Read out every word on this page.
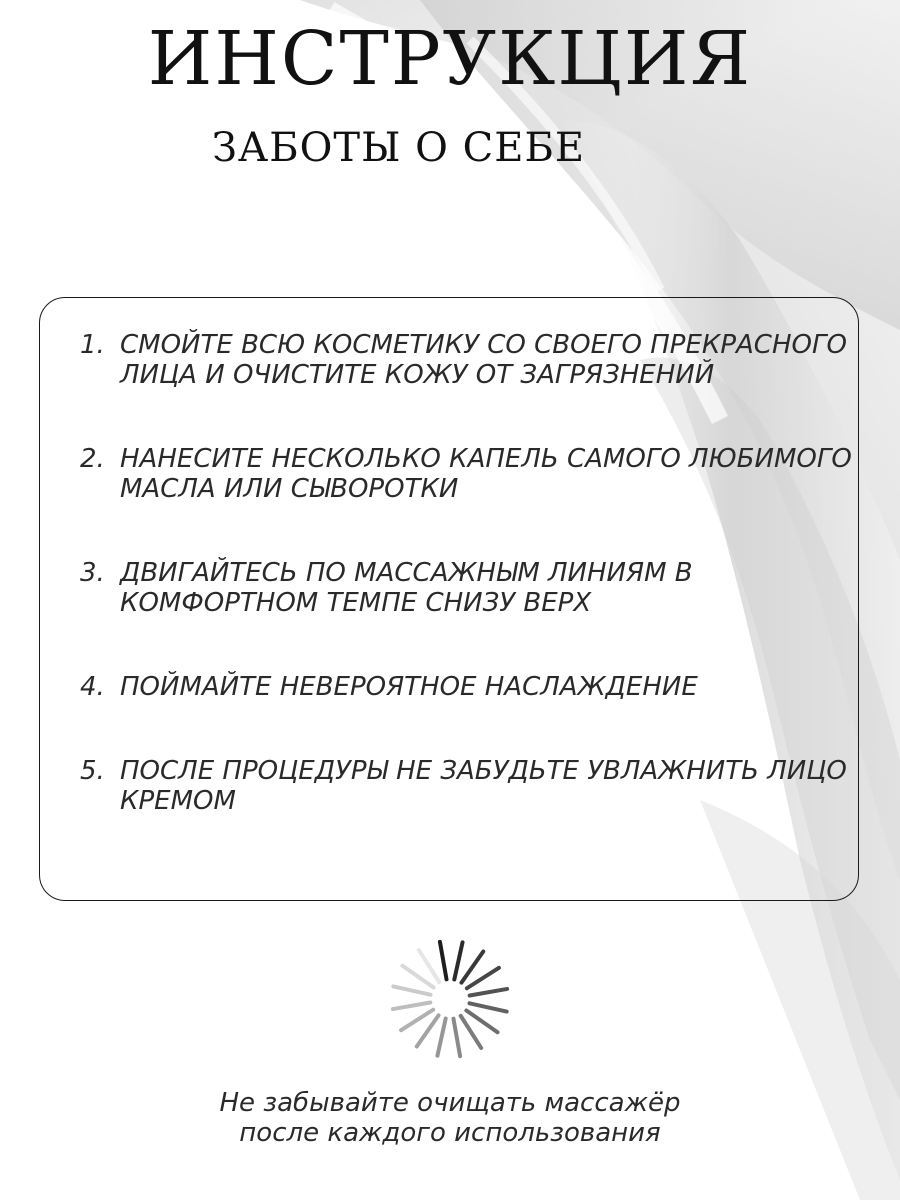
ИНСТРУКЦИЯ
ЗАБОТЫ О СЕБЕ
1. СМОЙТЕ ВСЮ КОСМЕТИКУ СО СВОЕГО ПРЕКРАСНОГО ЛИЦА И ОЧИСТИТЕ КОЖУ ОТ ЗАГРЯЗНЕНИЙ
2. НАНЕСИТЕ НЕСКОЛЬКО КАПЕЛЬ САМОГО ЛЮБИМОГО МАСЛА ИЛИ СЫВОРОТКИ
3. ДВИГАЙТЕСЬ ПО МАССАЖНЫМ ЛИНИЯМ В КОМФОРТНОМ ТЕМПЕ СНИЗУ ВЕРХ
4. ПОЙМАЙТЕ НЕВЕРОЯТНОЕ НАСЛАЖДЕНИЕ
5. ПОСЛЕ ПРОЦЕДУРЫ НЕ ЗАБУДЬТЕ УВЛАЖНИТЬ ЛИЦО КРЕМОМ
Не забывайте очищать массажёр
после каждого использования
